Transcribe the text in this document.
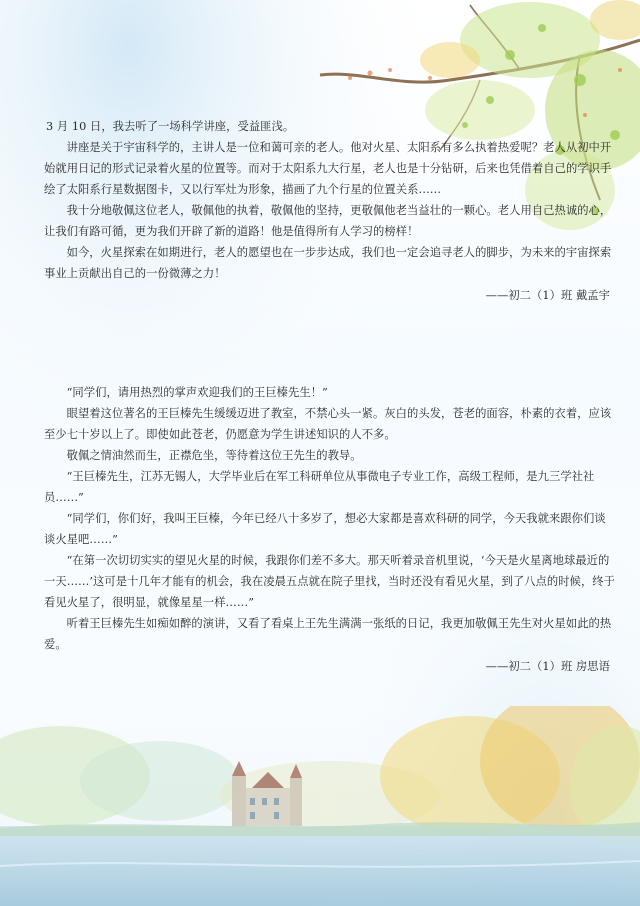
3 月 10 日，我去听了一场科学讲座，受益匪浅。

讲座是关于宇宙科学的，主讲人是一位和蔼可亲的老人。他对火星、太阳系有多么执着热爱呢？老人从初中开始就用日记的形式记录着火星的位置等。而对于太阳系九大行星，老人也是十分钻研，后来也凭借着自己的学识手绘了太阳系行星数据图卡，又以行军灶为形象，描画了九个行星的位置关系……

我十分地敬佩这位老人，敬佩他的执着，敬佩他的坚持，更敬佩他老当益壮的一颗心。老人用自己热诚的心，让我们有路可循，更为我们开辟了新的道路！他是值得所有人学习的榜样！

如今，火星探索在如期进行，老人的愿望也在一步步达成，我们也一定会追寻老人的脚步，为未来的宇宙探索事业上贡献出自己的一份微薄之力！

——初二（1）班 戴孟宇

“同学们，请用热烈的掌声欢迎我们的王巨榛先生！”

眼望着这位著名的王巨榛先生缓缓迈进了教室，不禁心头一紧。灰白的头发，苍老的面容，朴素的衣着，应该至少七十岁以上了。即使如此苍老，仍愿意为学生讲述知识的人不多。

敬佩之情油然而生，正襟危坐，等待着这位王先生的教导。

“王巨榛先生，江苏无锡人，大学毕业后在军工科研单位从事微电子专业工作，高级工程师，是九三学社社员……”

“同学们，你们好，我叫王巨榛，今年已经八十多岁了，想必大家都是喜欢科研的同学，今天我就来跟你们谈谈火星吧……”

“在第一次切切实实的望见火星的时候，我跟你们差不多大。那天听着录音机里说，‘今天是火星离地球最近的一天……’这可是十几年才能有的机会，我在凌晨五点就在院子里找，当时还没有看见火星，到了八点的时候，终于看见火星了，很明显，就像星星一样……”

听着王巨榛先生如痴如醉的演讲，又看了看桌上王先生满满一张纸的日记，我更加敬佩王先生对火星如此的热爱。

——初二（1）班 房思语
